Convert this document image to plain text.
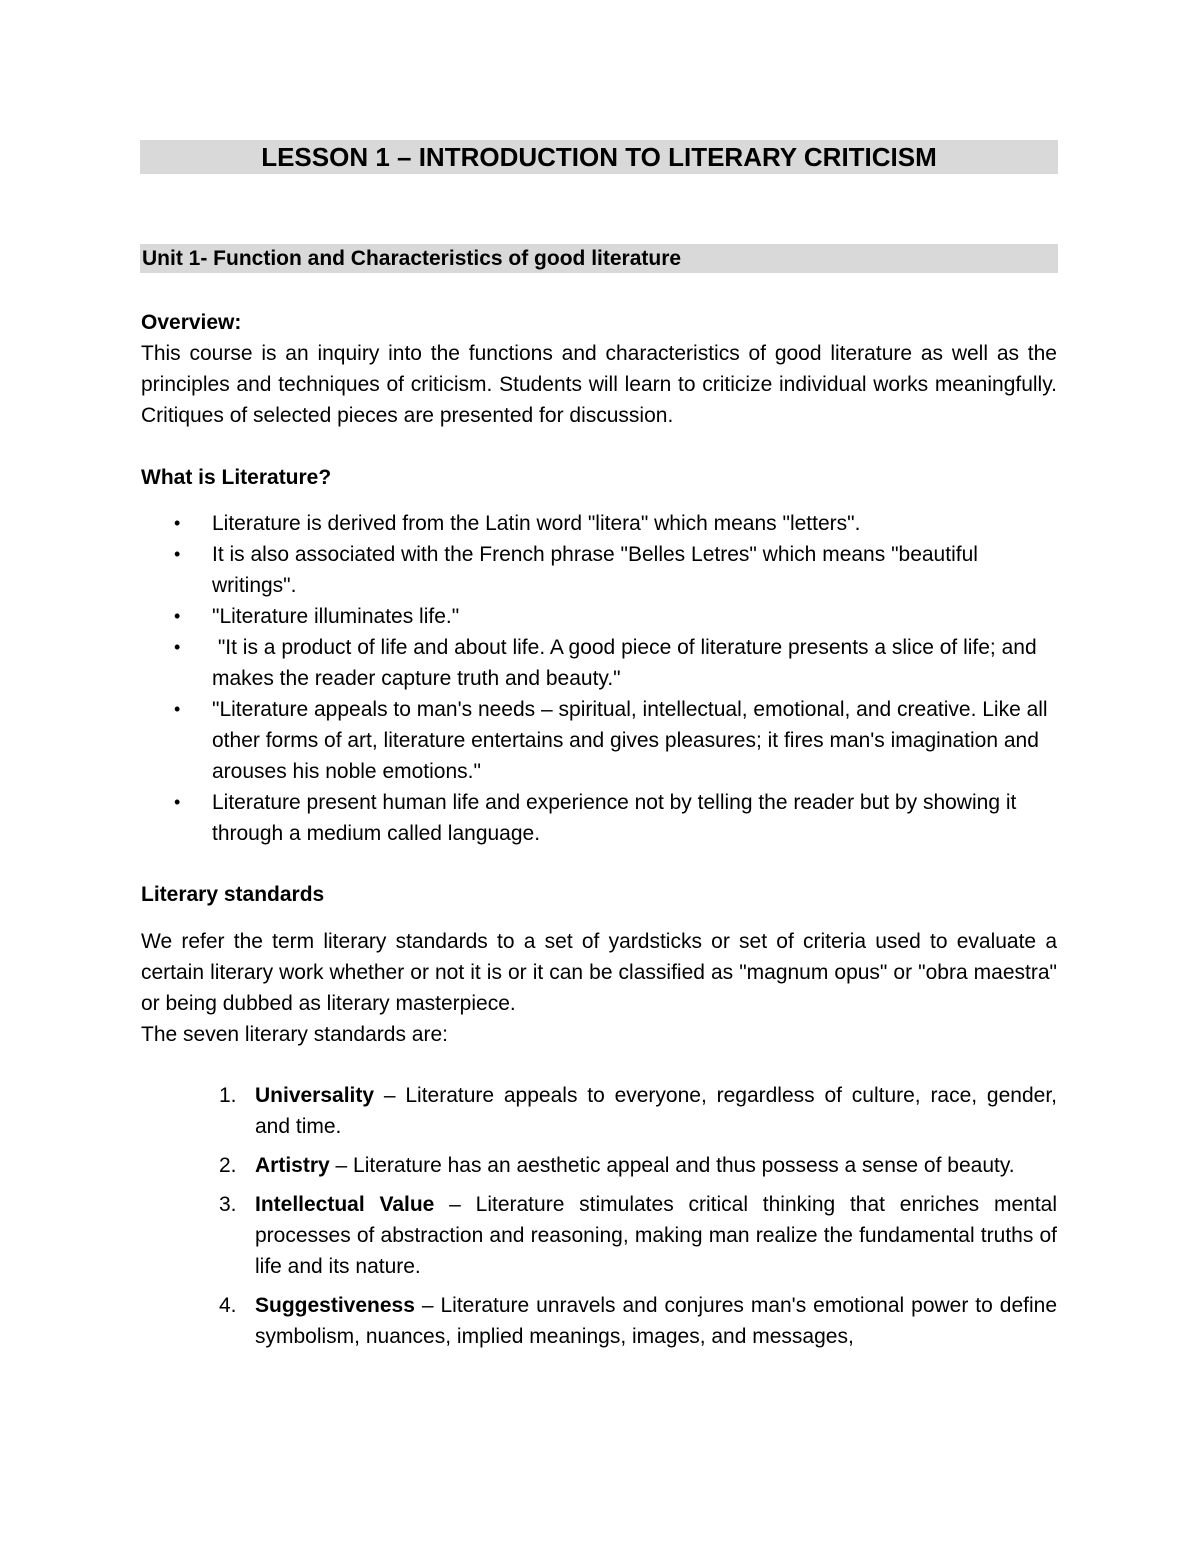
LESSON 1 – INTRODUCTION TO LITERARY CRITICISM
Unit 1- Function and Characteristics of good literature
Overview:
This course is an inquiry into the functions and characteristics of good literature as well as the principles and techniques of criticism. Students will learn to criticize individual works meaningfully. Critiques of selected pieces are presented for discussion.
What is Literature?
• Literature is derived from the Latin word "litera" which means "letters".
• It is also associated with the French phrase "Belles Letres" which means "beautiful writings".
• "Literature illuminates life."
• "It is a product of life and about life. A good piece of literature presents a slice of life; and makes the reader capture truth and beauty."
• "Literature appeals to man's needs – spiritual, intellectual, emotional, and creative. Like all other forms of art, literature entertains and gives pleasures; it fires man's imagination and arouses his noble emotions."
• Literature present human life and experience not by telling the reader but by showing it through a medium called language.
Literary standards
We refer the term literary standards to a set of yardsticks or set of criteria used to evaluate a certain literary work whether or not it is or it can be classified as "magnum opus" or "obra maestra" or being dubbed as literary masterpiece.
The seven literary standards are:
1. Universality – Literature appeals to everyone, regardless of culture, race, gender, and time.
2. Artistry – Literature has an aesthetic appeal and thus possess a sense of beauty.
3. Intellectual Value – Literature stimulates critical thinking that enriches mental processes of abstraction and reasoning, making man realize the fundamental truths of life and its nature.
4. Suggestiveness – Literature unravels and conjures man's emotional power to define symbolism, nuances, implied meanings, images, and messages,
